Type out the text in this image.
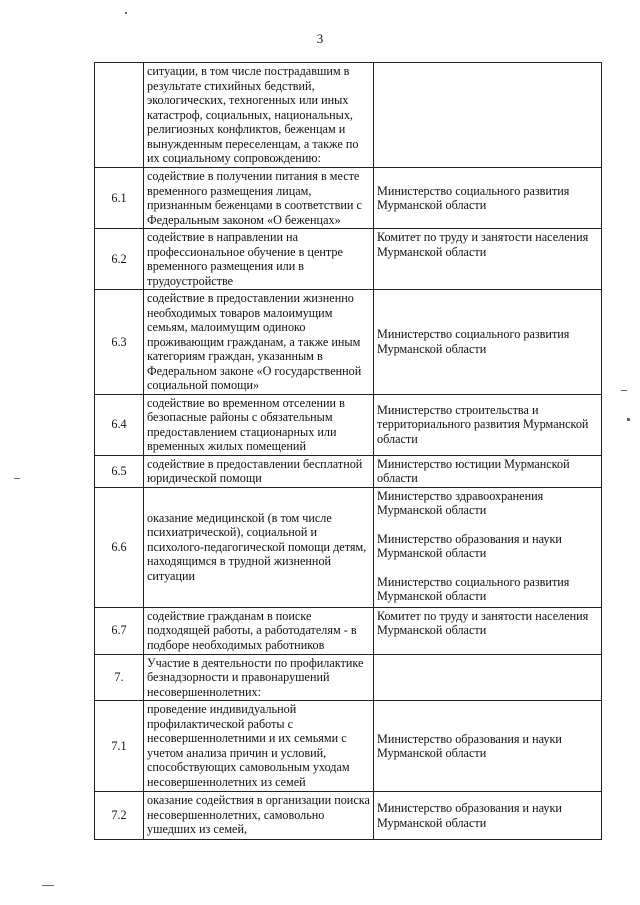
3
	ситуации, в том числе пострадавшим в результате стихийных бедствий, экологических, техногенных или иных катастроф, социальных, национальных, религиозных конфликтов, беженцам и вынужденным переселенцам, а также по их социальному сопровождению:	
6.1	содействие в получении питания в месте временного размещения лицам, признанным беженцами в соответствии с Федеральным законом «О беженцах»	Министерство социального развития Мурманской области
6.2	содействие в направлении на профессиональное обучение в центре временного размещения или в трудоустройстве	Комитет по труду и занятости населения Мурманской области
6.3	содействие в предоставлении жизненно необходимых товаров малоимущим семьям, малоимущим одиноко проживающим гражданам, а также иным категориям граждан, указанным в Федеральном законе «О государственной социальной помощи»	Министерство социального развития Мурманской области
6.4	содействие во временном отселении в безопасные районы с обязательным предоставлением стационарных или временных жилых помещений	Министерство строительства и территориального развития Мурманской области
6.5	содействие в предоставлении бесплатной юридической помощи	Министерство юстиции Мурманской области
6.6	оказание медицинской (в том числе психиатрической), социальной и психолого-педагогической помощи детям, находящимся в трудной жизненной ситуации	Министерство здравоохранения Мурманской области
Министерство образования и науки Мурманской области
Министерство социального развития Мурманской области

6.7	содействие гражданам в поиске подходящей работы, а работодателям - в подборе необходимых работников	Комитет по труду и занятости населения Мурманской области
7.	Участие в деятельности по профилактике безнадзорности и правонарушений несовершеннолетних:	
7.1	проведение индивидуальной профилактической работы с несовершеннолетними и их семьями с учетом анализа причин и условий, способствующих самовольным уходам несовершеннолетних из семей	Министерство образования и науки Мурманской области
7.2	оказание содействия в организации поиска несовершеннолетних, самовольно ушедших из семей,	Министерство образования и науки Мурманской области
